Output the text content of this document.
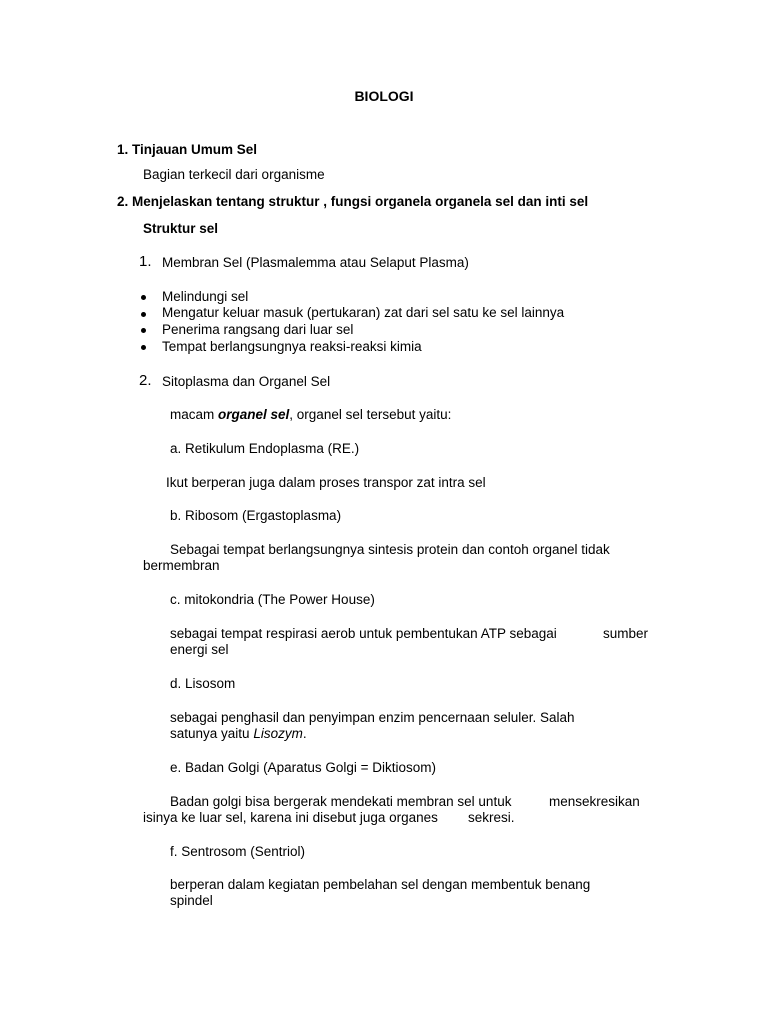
BIOLOGI
1. Tinjauan Umum Sel
Bagian terkecil dari organisme
2. Menjelaskan tentang struktur , fungsi organela organela sel dan inti sel
Struktur sel
1. Membran Sel (Plasmalemma atau Selaput Plasma)
Melindungi sel
Mengatur keluar masuk (pertukaran) zat dari sel satu ke sel lainnya
Penerima rangsang dari luar sel
Tempat berlangsungnya reaksi-reaksi kimia
2. Sitoplasma dan Organel Sel
macam organel sel, organel sel tersebut yaitu:
a. Retikulum Endoplasma (RE.)
Ikut berperan juga dalam proses transpor zat intra sel
b. Ribosom (Ergastoplasma)
Sebagai tempat berlangsungnya sintesis protein dan contoh organel tidak
bermembran
c. mitokondria (The Power House)
sebagai tempat respirasi aerob untuk pembentukan ATP sebagai	sumber
energi sel
d. Lisosom
sebagai penghasil dan penyimpan enzim pencernaan seluler. Salah
satunya yaitu Lisozym.
e. Badan Golgi (Aparatus Golgi = Diktiosom)
Badan golgi bisa bergerak mendekati membran sel untuk	mensekresikan
isinya ke luar sel, karena ini disebut juga organes sekresi.
f. Sentrosom (Sentriol)
berperan dalam kegiatan pembelahan sel dengan membentuk benang
spindel
